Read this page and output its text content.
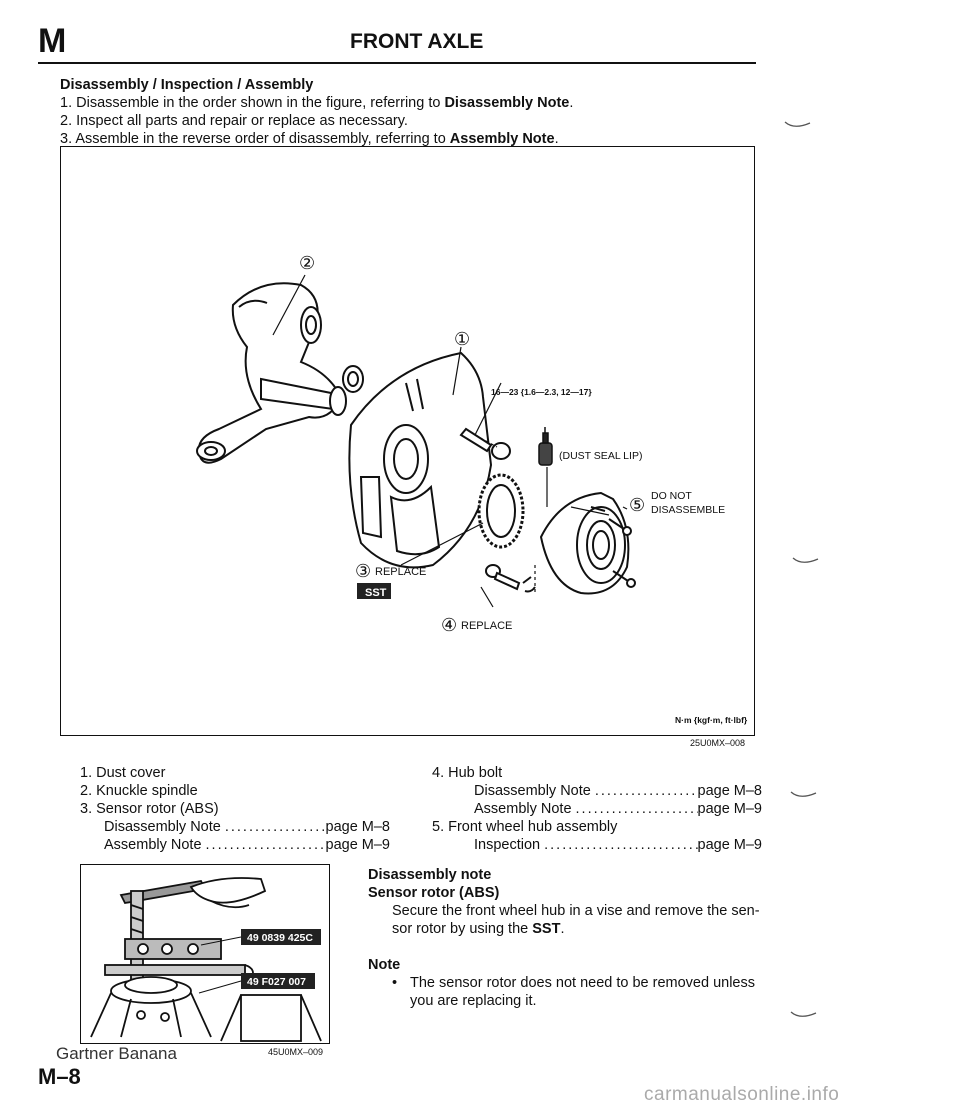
M	FRONT AXLE
Disassembly / Inspection / Assembly
1. Disassemble in the order shown in the figure, referring to Disassembly Note.
2. Inspect all parts and repair or replace as necessary.
3. Assemble in the reverse order of disassembly, referring to Assembly Note.
②
①
16—23 {1.6—2.3, 12—17}
(DUST SEAL LIP)
⑤ DO NOT
DISASSEMBLE
③ REPLACE
④ REPLACE
N·m {kgf·m, ft·lbf}
SST
25U0MX–008
1. Dust cover
2. Knuckle spindle
3. Sensor rotor (ABS)
Disassembly Note .....	page M–8
Assembly Note .....	page M–9
4. Hub bolt
Disassembly Note .....	page M–8
Assembly Note .....	page M–9
5. Front wheel hub assembly
Inspection .....	page M–9
49 0839 425C
49 F027 007
45U0MX–009
Disassembly note
Sensor rotor (ABS)
Secure the front wheel hub in a vise and remove the sen-
sor rotor by using the SST.
Note
• The sensor rotor does not need to be removed unless
you are replacing it.
Gartner Banana
M–8
carmanualsonline.info
